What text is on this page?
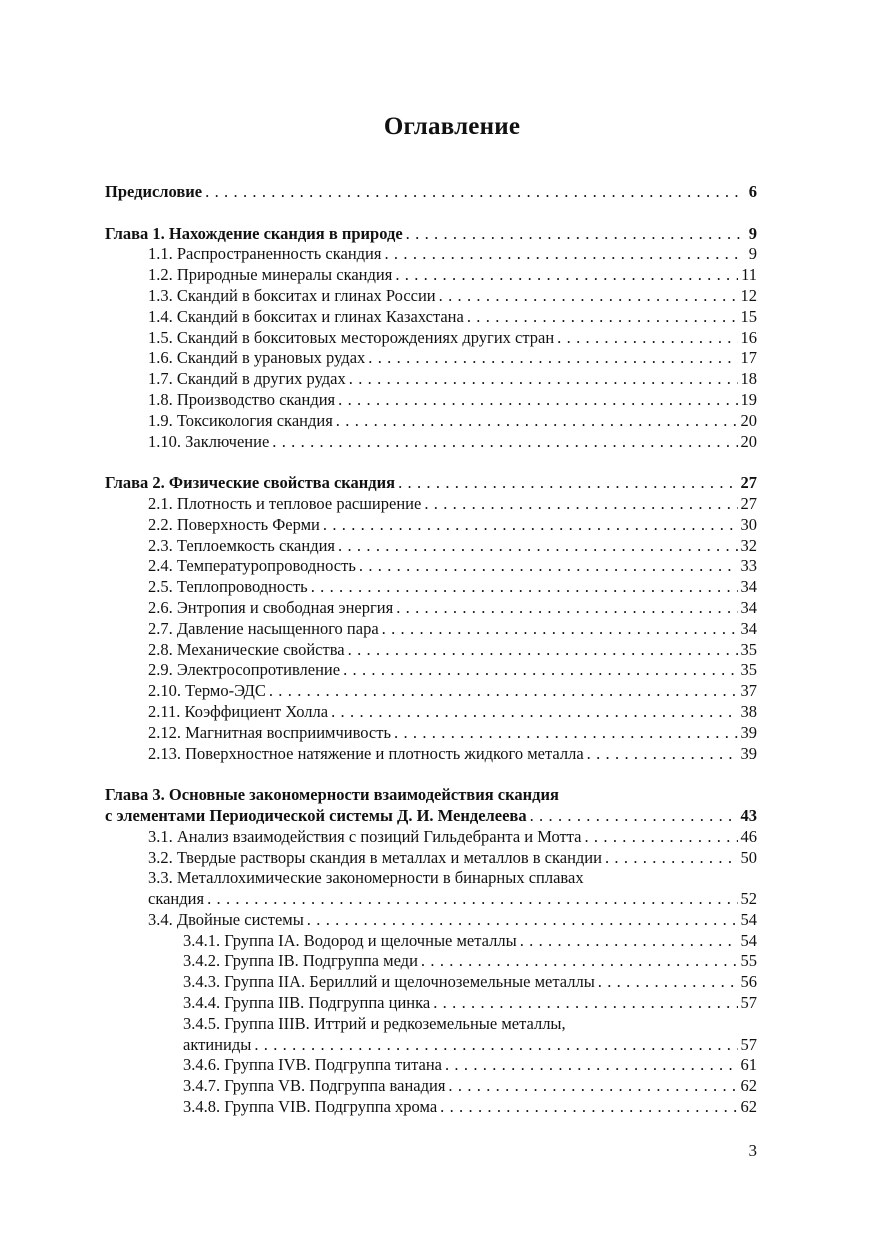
Оглавление
Предисловие . . .	6
Глава 1. Нахождение скандия в природе . . .	9
1.1. Распространенность скандия . . .	9
1.2. Природные минералы скандия . . .	11
1.3. Скандий в бокситах и глинах России . . .	12
1.4. Скандий в бокситах и глинах Казахстана . . .	15
1.5. Скандий в бокситовых месторождениях других стран . . .	16
1.6. Скандий в урановых рудах . . .	17
1.7. Скандий в других рудах . . .	18
1.8. Производство скандия . . .	19
1.9. Токсикология скандия . . .	20
1.10. Заключение . . .	20
Глава 2. Физические свойства скандия . . .	27
2.1. Плотность и тепловое расширение . . .	27
2.2. Поверхность Ферми . . .	30
2.3. Теплоемкость скандия . . .	32
2.4. Температуропроводность . . .	33
2.5. Теплопроводность . . .	34
2.6. Энтропия и свободная энергия . . .	34
2.7. Давление насыщенного пара . . .	34
2.8. Механические свойства . . .	35
2.9. Электросопротивление . . .	35
2.10. Термо-ЭДС . . .	37
2.11. Коэффициент Холла . . .	38
2.12. Магнитная восприимчивость . . .	39
2.13. Поверхностное натяжение и плотность жидкого металла . . .	39
Глава 3. Основные закономерности взаимодействия скандия
с элементами Периодической системы Д. И. Менделеева . . .	43
3.1. Анализ взаимодействия с позиций Гильдебранта и Мотта . . .	46
3.2. Твердые растворы скандия в металлах и металлов в скандии . . .	50
3.3. Металлохимические закономерности в бинарных сплавах
скандия . . .	52
3.4. Двойные системы . . .	54
3.4.1. Группа IA. Водород и щелочные металлы . . .	54
3.4.2. Группа IB. Подгруппа меди . . .	55
3.4.3. Группа IIA. Бериллий и щелочноземельные металлы . . .	56
3.4.4. Группа IIB. Подгруппа цинка . . .	57
3.4.5. Группа IIIB. Иттрий и редкоземельные металлы,
актиниды . . .	57
3.4.6. Группа IVB. Подгруппа титана . . .	61
3.4.7. Группа VB. Подгруппа ванадия . . .	62
3.4.8. Группа VIB. Подгруппа хрома . . .	62
3
